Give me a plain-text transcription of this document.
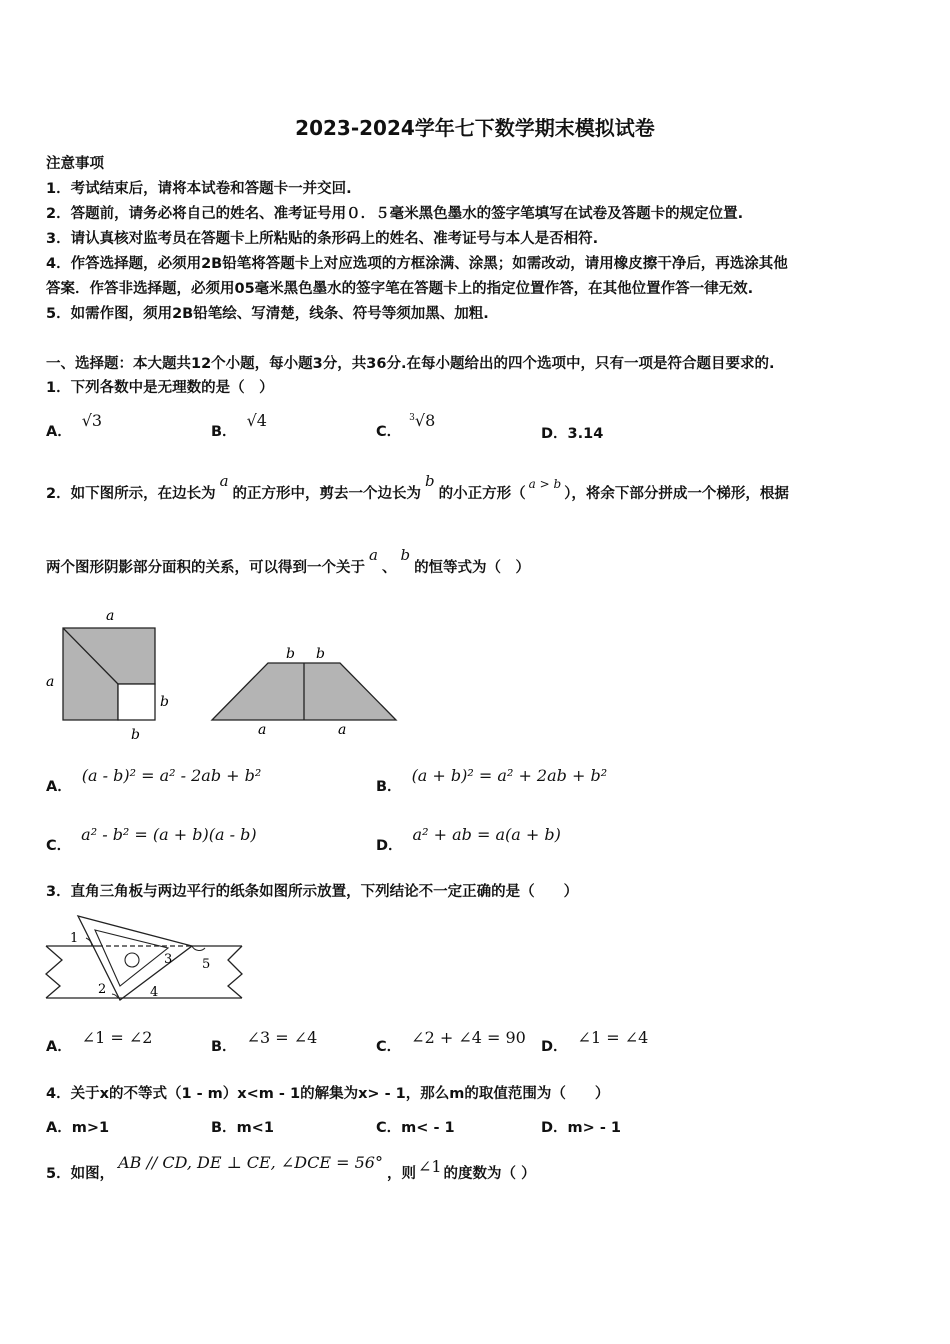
2023-2024学年七下数学期末模拟试卷
注意事项
1．考试结束后，请将本试卷和答题卡一并交回.
2．答题前，请务必将自己的姓名、准考证号用０．５毫米黑色墨水的签字笔填写在试卷及答题卡的规定位置.
3．请认真核对监考员在答题卡上所粘贴的条形码上的姓名、准考证号与本人是否相符.
4．作答选择题，必须用2B铅笔将答题卡上对应选项的方框涂满、涂黑；如需改动，请用橡皮擦干净后，再选涂其他
答案．作答非选择题，必须用05毫米黑色墨水的签字笔在答题卡上的指定位置作答，在其他位置作答一律无效.
5．如需作图，须用2B铅笔绘、写清楚，线条、符号等须加黑、加粗.
一、选择题：本大题共12个小题，每小题3分，共36分.在每小题给出的四个选项中，只有一项是符合题目要求的.
1．下列各数中是无理数的是（　）
A．√3
B．√4
C．$^3$√8
D．3.14
2．如下图所示，在边长为a的正方形中，剪去一个边长为b的小正方形（$^{a > b}$），将余下部分拼成一个梯形，根据
两个图形阴影部分面积的关系，可以得到一个关于a、b的恒等式为（　）
a
a
b
b
b b
a	a
A．(a - b)² = a² - 2ab + b²
B．(a + b)² = a² + 2ab + b²
C．a² - b² = (a + b)(a - b)
D．a² + ab = a(a + b)
3．直角三角板与两边平行的纸条如图所示放置，下列结论不一定正确的是（　　）
1
2
3
4
5
A． ∠1 = ∠2	B． ∠3 = ∠4	C． ∠2 + ∠4 = 90 D． ∠1 = ∠4
4．关于x的不等式（1 - m）x<m - 1的解集为x> - 1，那么m的取值范围为（　　）
A．m>1	B．m<1	C．m< - 1	D．m> - 1
5．如图，AB // CD, DE ⊥ CE, ∠DCE = 56°，则 ∠1 的度数为（ ）
